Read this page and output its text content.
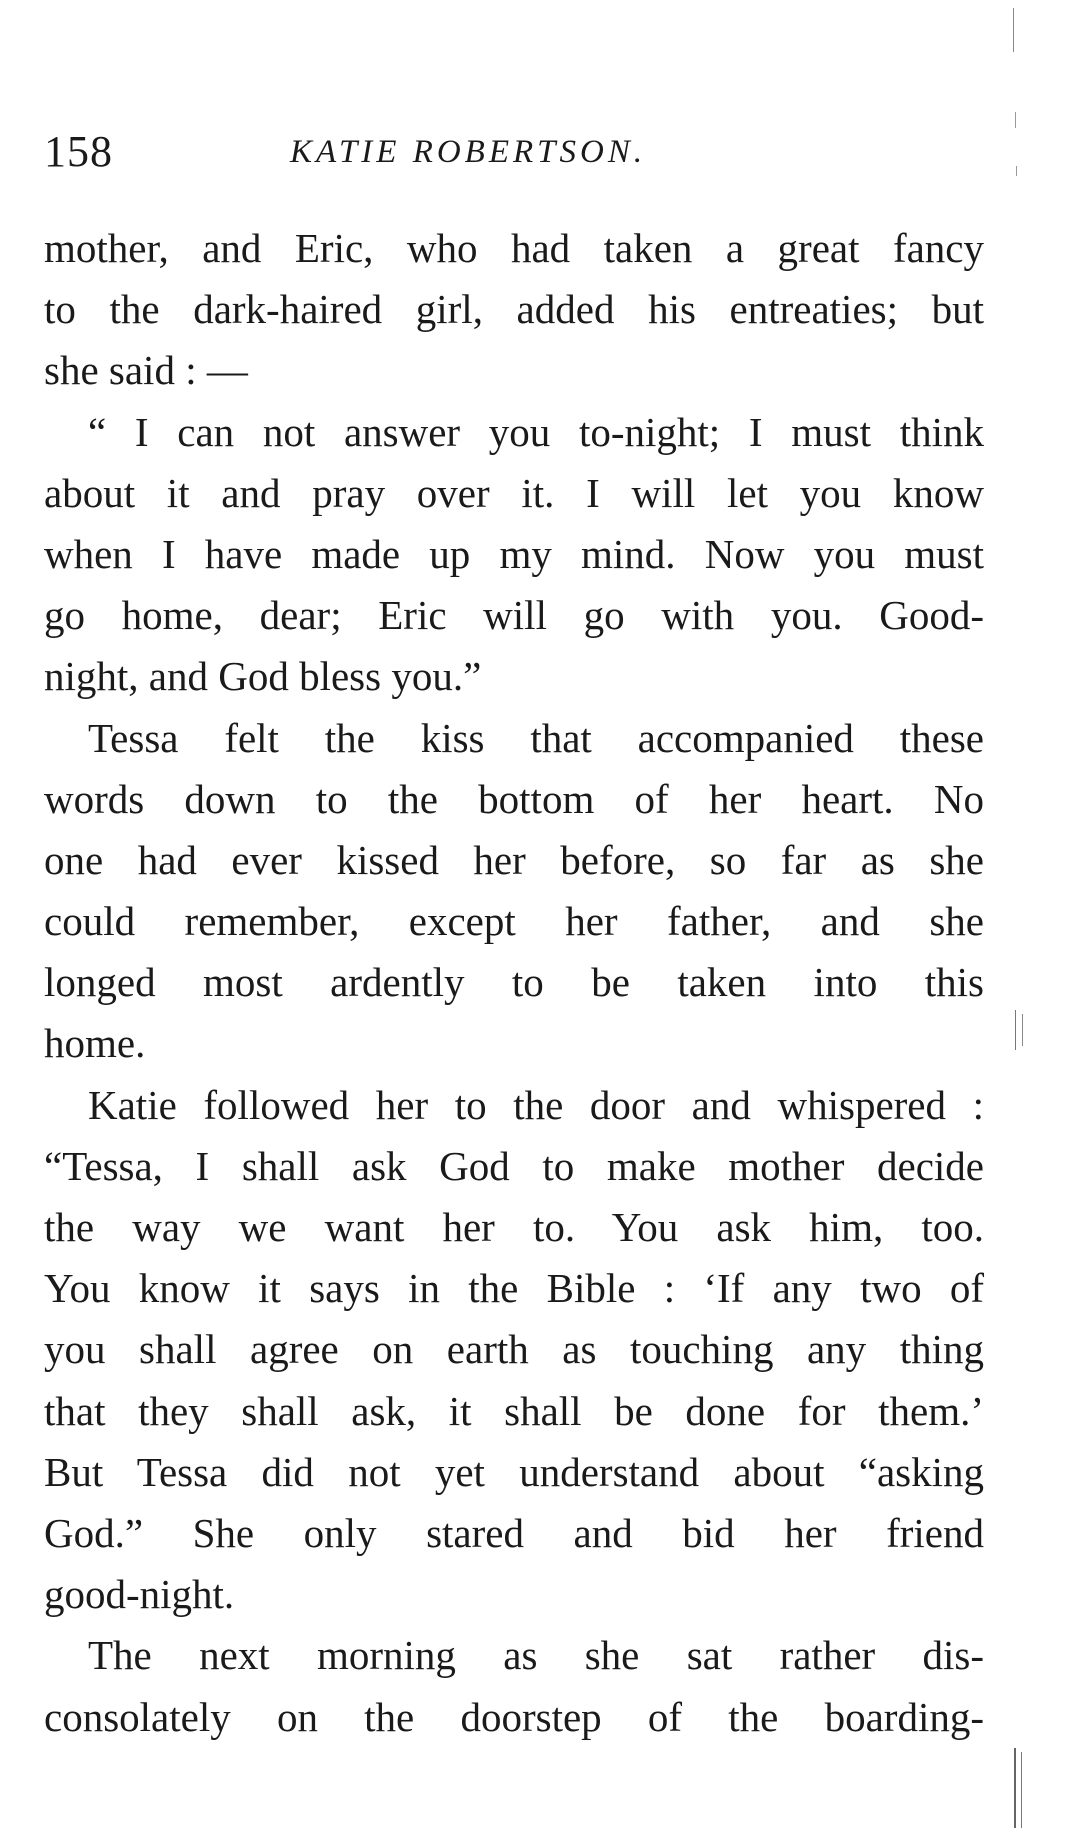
158	KATIE ROBERTSON.
mother, and Eric, who had taken a great fancy
to the dark-haired girl, added his entreaties; but
she said : —
“ I can not answer you to-night; I must think
about it and pray over it. I will let you know
when I have made up my mind. Now you must
go home, dear; Eric will go with you. Good-
night, and God bless you.”
Tessa felt the kiss that accompanied these
words down to the bottom of her heart. No
one had ever kissed her before, so far as she
could remember, except her father, and she
longed most ardently to be taken into this
home.
Katie followed her to the door and whispered :
“Tessa, I shall ask God to make mother decide
the way we want her to. You ask him, too.
You know it says in the Bible : ‘If any two of
you shall agree on earth as touching any thing
that they shall ask, it shall be done for them.’
But Tessa did not yet understand about “asking
God.” She only stared and bid her friend
good-night.
The next morning as she sat rather dis-
consolately on the doorstep of the boarding-
